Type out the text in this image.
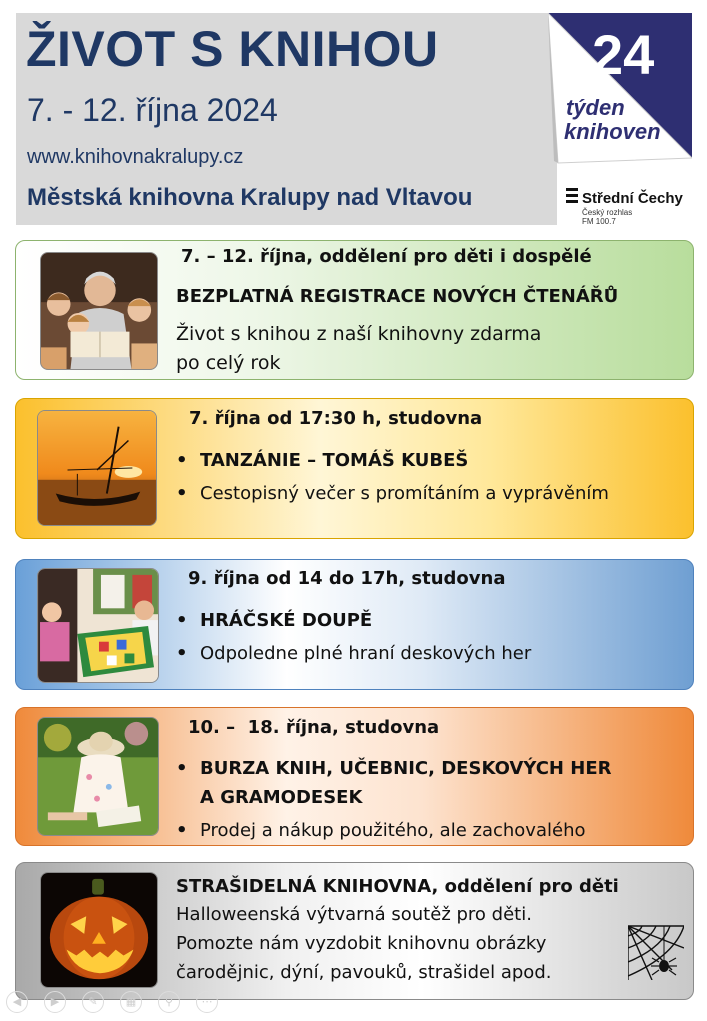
ŽIVOT S KNIHOU
7. - 12. října 2024
www.knihovnakralupy.cz
Městská knihovna Kralupy nad Vltavou
24
týden
knihoven
Střední Čechy
Český rozhlas
FM 100.7
7. – 12. října, oddělení pro děti i dospělé
BEZPLATNÁ REGISTRACE NOVÝCH ČTENÁŘŮ
Život s knihou z naší knihovny zdarma
po celý rok
7. října od 17:30 h, studovna
• TANZÁNIE – TOMÁŠ KUBEŠ
• Cestopisný večer s promítáním a vyprávěním
9. října od 14 do 17h, studovna
• HRÁČSKÉ DOUPĚ
• Odpoledne plné hraní deskových her
10. –  18. října, studovna
• BURZA KNIH, UČEBNIC, DESKOVÝCH HER
A GRAMODESEK
• Prodej a nákup použitého, ale zachovalého
STRAŠIDELNÁ KNIHOVNA, oddělení pro děti
Halloweenská výtvarná soutěž pro děti.
Pomozte nám vyzdobit knihovnu obrázky
čarodějnic, dýní, pavouků, strašidel apod.
◀	▶	✎	▦	⚲	⋯
